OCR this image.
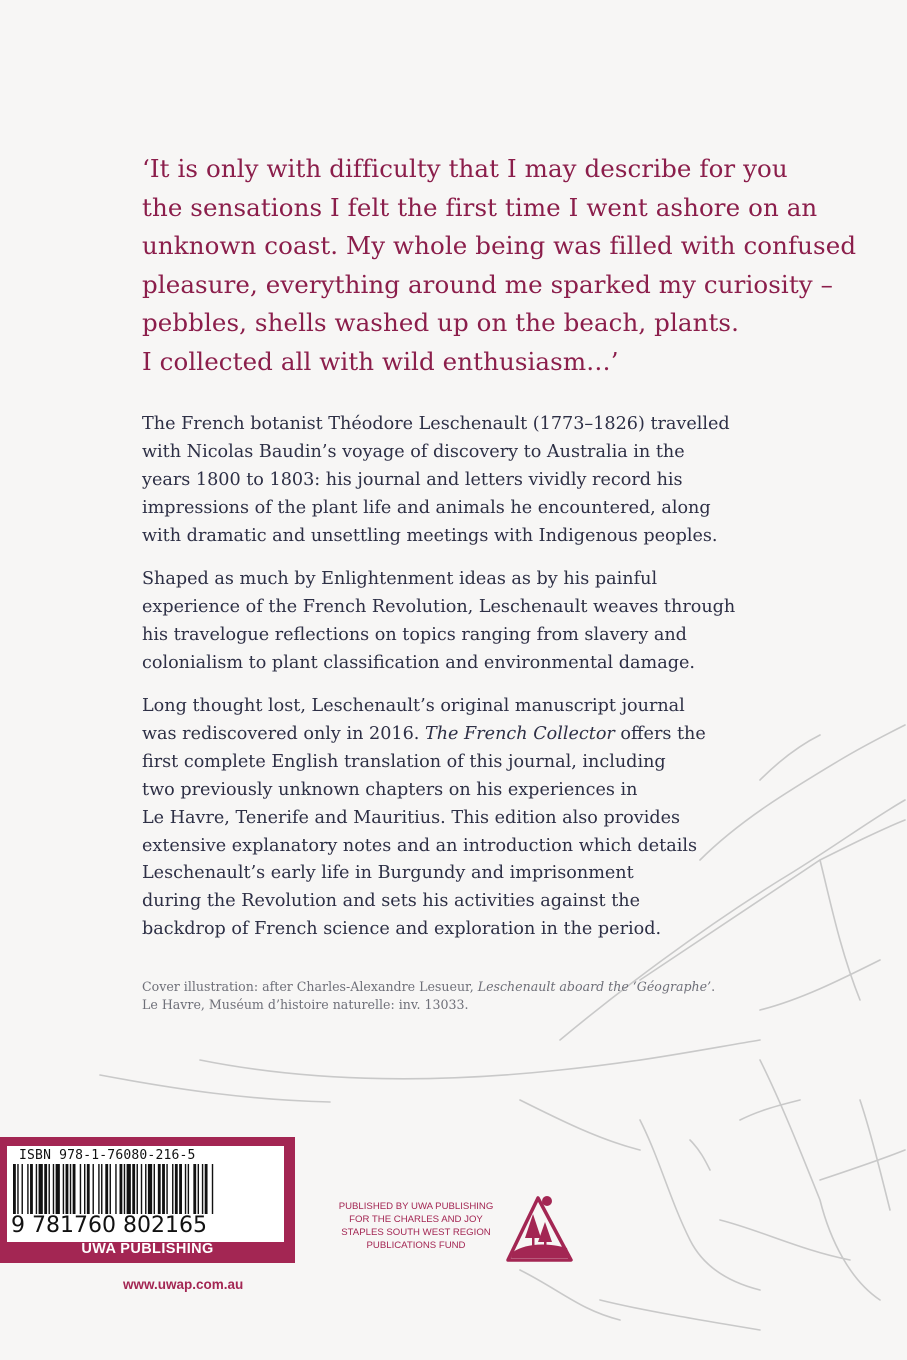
‘It is only with difficulty that I may describe for you
the sensations I felt the first time I went ashore on an
unknown coast. My whole being was filled with confused
pleasure, everything around me sparked my curiosity –
pebbles, shells washed up on the beach, plants.
I collected all with wild enthusiasm…’
The French botanist Théodore Leschenault (1773–1826) travelled
with Nicolas Baudin’s voyage of discovery to Australia in the
years 1800 to 1803: his journal and letters vividly record his
impressions of the plant life and animals he encountered, along
with dramatic and unsettling meetings with Indigenous peoples.
Shaped as much by Enlightenment ideas as by his painful
experience of the French Revolution, Leschenault weaves through
his travelogue reflections on topics ranging from slavery and
colonialism to plant classification and environmental damage.
Long thought lost, Leschenault’s original manuscript journal
was rediscovered only in 2016. The French Collector offers the
first complete English translation of this journal, including
two previously unknown chapters on his experiences in
Le Havre, Tenerife and Mauritius. This edition also provides
extensive explanatory notes and an introduction which details
Leschenault’s early life in Burgundy and imprisonment
during the Revolution and sets his activities against the
backdrop of French science and exploration in the period.
Cover illustration: after Charles-Alexandre Lesueur, Leschenault aboard the ‘Géographe’.
Le Havre, Muséum d’histoire naturelle: inv. 13033.
ISBN 978-1-76080-216-5
9 781760 802165
UWA PUBLISHING
www.uwap.com.au
PUBLISHED BY UWA PUBLISHING
FOR THE CHARLES AND JOY
STAPLES SOUTH WEST REGION
PUBLICATIONS FUND
